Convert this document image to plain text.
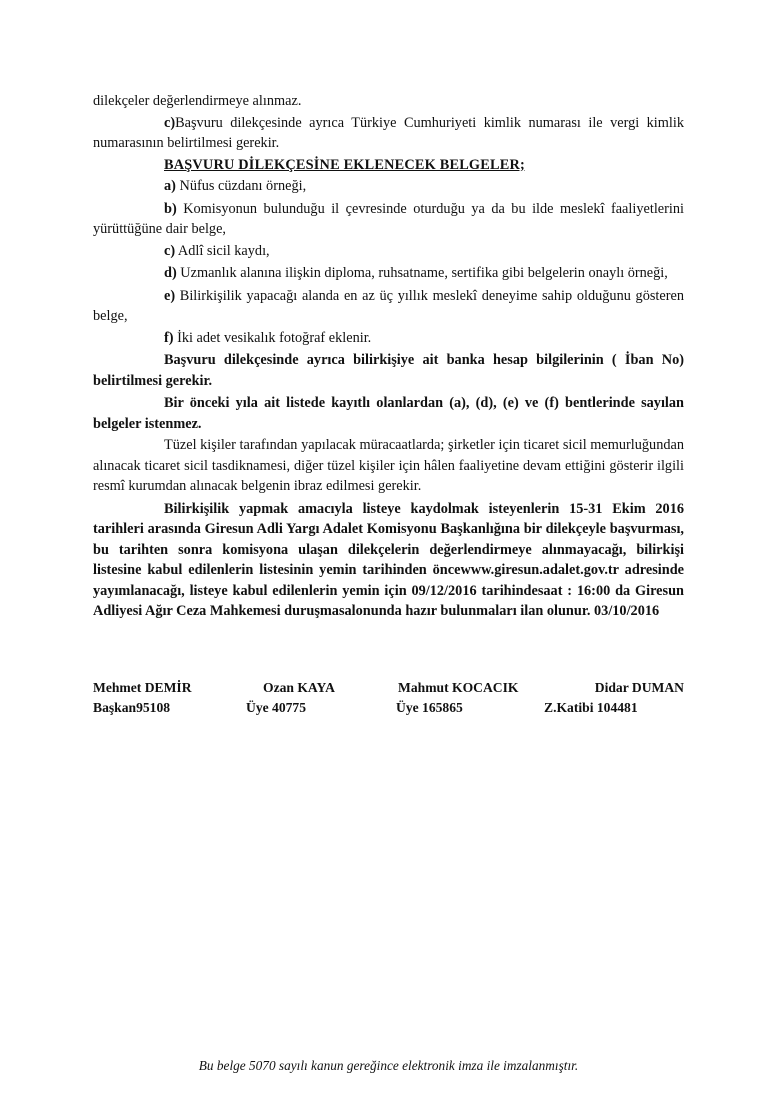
dilekçeler değerlendirmeye alınmaz.

c)Başvuru dilekçesinde ayrıca Türkiye Cumhuriyeti kimlik numarası ile vergi kimlik numarasının belirtilmesi gerekir.

BAŞVURU DİLEKÇESİNE EKLENECEK BELGELER;

a) Nüfus cüzdanı örneği,

b) Komisyonun bulunduğu il çevresinde oturduğu ya da bu ilde meslekî faaliyetlerini yürüttüğüne dair belge,

c) Adlî sicil kaydı,

d) Uzmanlık alanına ilişkin diploma, ruhsatname, sertifika gibi belgelerin onaylı örneği,

e) Bilirkişilik yapacağı alanda en az üç yıllık meslekî deneyime sahip olduğunu gösteren belge,

f) İki adet vesikalık fotoğraf eklenir.

Başvuru dilekçesinde ayrıca bilirkişiye ait banka hesap bilgilerinin ( İban No) belirtilmesi gerekir.

Bir önceki yıla ait listede kayıtlı olanlardan (a), (d), (e) ve (f) bentlerinde sayılan belgeler istenmez.

Tüzel kişiler tarafından yapılacak müracaatlarda; şirketler için ticaret sicil memurluğundan alınacak ticaret sicil tasdiknamesi, diğer tüzel kişiler için hâlen faaliyetine devam ettiğini gösterir ilgili resmî kurumdan alınacak belgenin ibraz edilmesi gerekir.

Bilirkişilik yapmak amacıyla listeye kaydolmak isteyenlerin 15-31 Ekim 2016 tarihleri arasında Giresun Adli Yargı Adalet Komisyonu Başkanlığına bir dilekçeyle başvurması, bu tarihten sonra komisyona ulaşan dilekçelerin değerlendirmeye alınmayacağı, bilirkişi listesine kabul edilenlerin listesinin yemin tarihinden öncewww.giresun.adalet.gov.tr adresinde yayımlanacağı, listeye kabul edilenlerin yemin için 09/12/2016 tarihindesaat : 16:00 da Giresun Adliyesi Ağır Ceza Mahkemesi duruşmasalonunda hazır bulunmaları ilan olunur. 03/10/2016

Mehmet DEMİR	Ozan KAYA	Mahmut KOCACIK	Didar DUMAN
Başkan95108	Üye 40775	Üye 165865	Z.Katibi 104481
Bu belge 5070 sayılı kanun gereğince elektronik imza ile imzalanmıştır.
